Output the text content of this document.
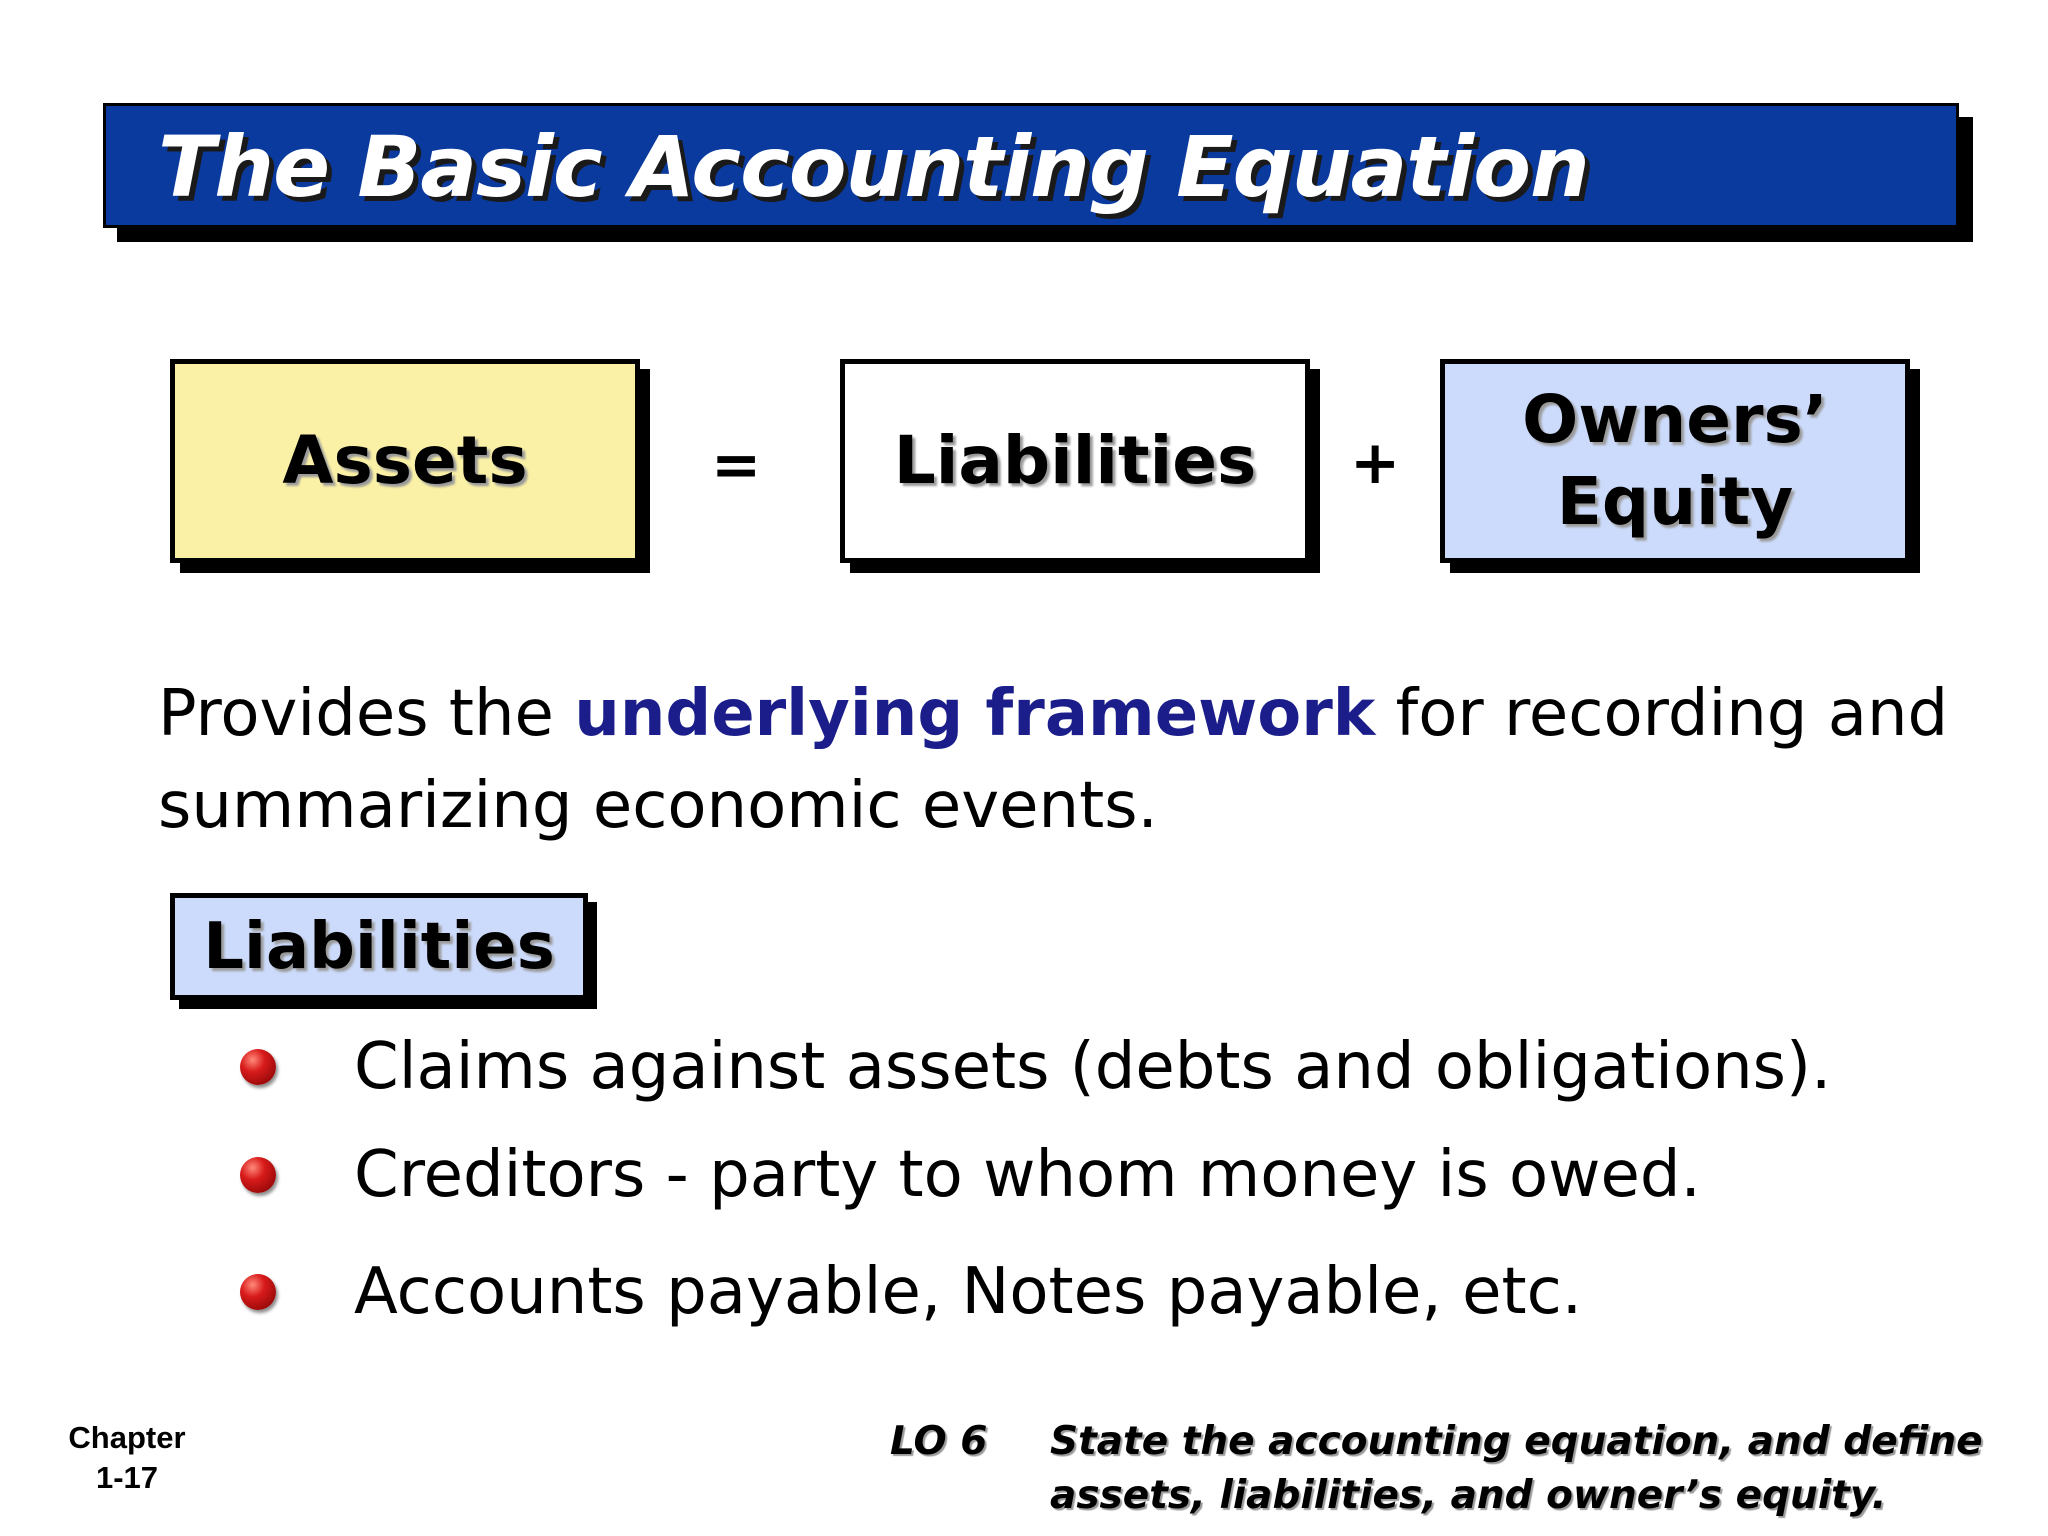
The Basic Accounting Equation
Assets	= Liabilities +
Owners’
Equity
Provides the underlying framework for recording and summarizing economic events.
Liabilities
Claims against assets (debts and obligations).
Creditors - party to whom money is owed.
Accounts payable, Notes payable, etc.
Chapter
1-17
LO 6 State the accounting equation, and define
assets, liabilities, and owner’s equity.
